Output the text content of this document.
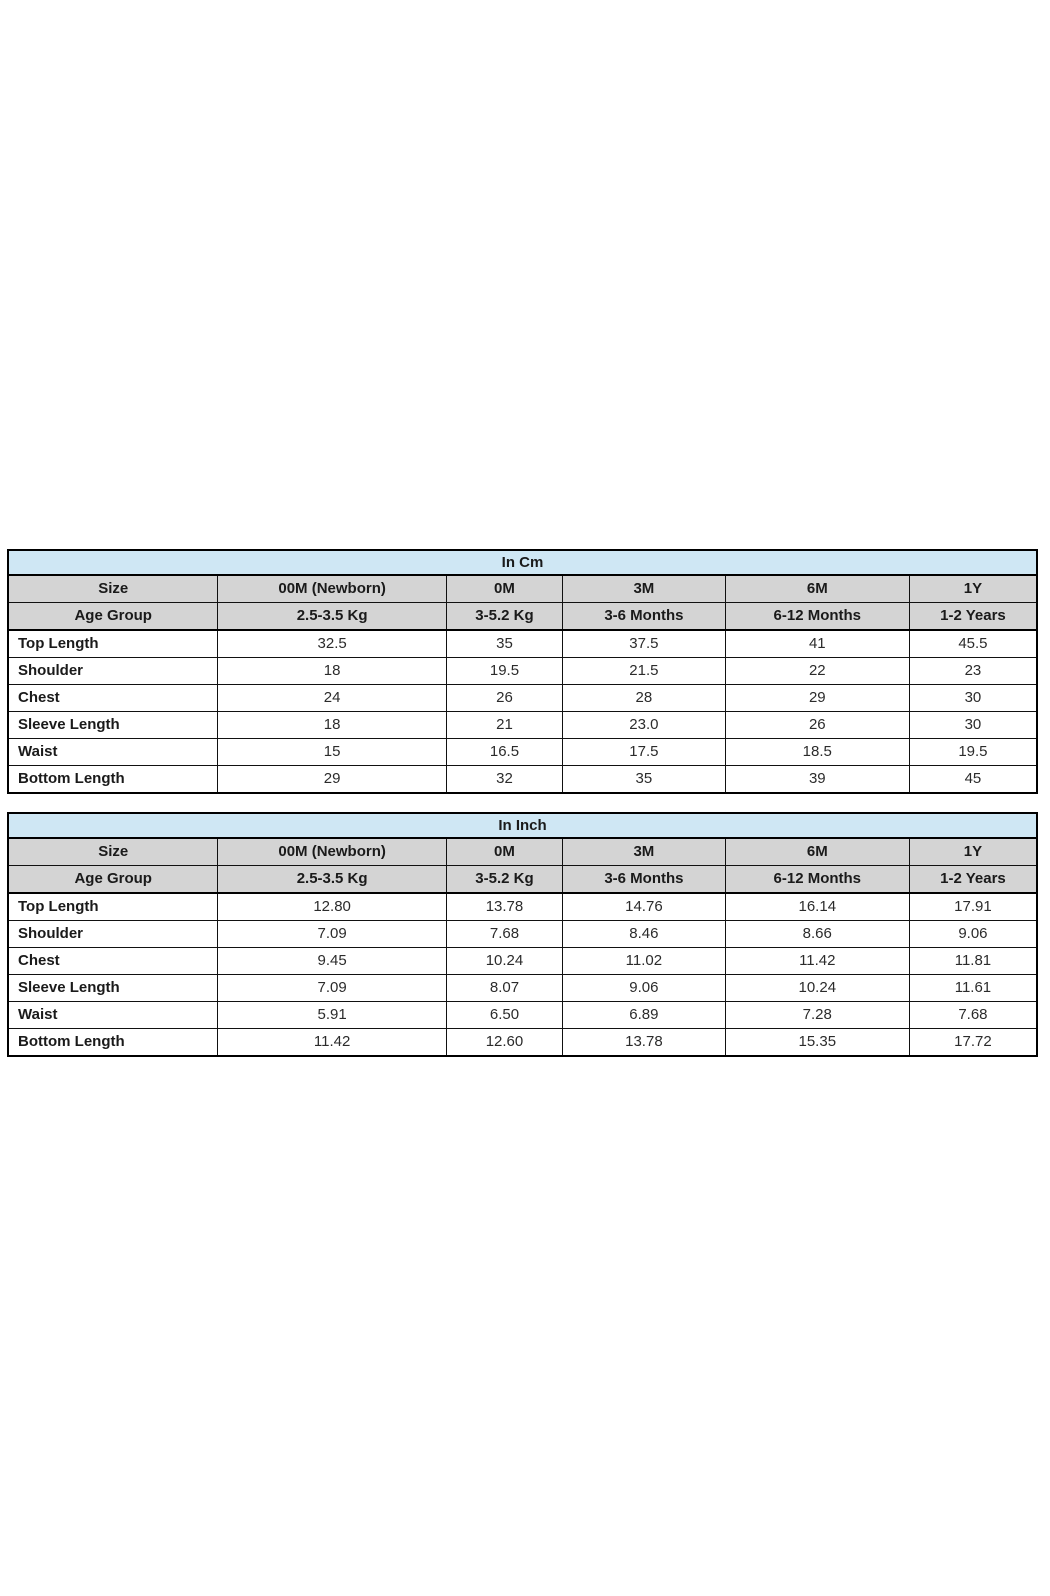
In Cm					
Size	00M (Newborn)	0M	3M	6M	1Y
Age Group	2.5-3.5 Kg	3-5.2 Kg	3-6 Months	6-12 Months	1-2 Years
Top Length	32.5	35	37.5	41	45.5
Shoulder	18	19.5	21.5	22	23
Chest	24	26	28	29	30
Sleeve Length	18	21	23.0	26	30
Waist	15	16.5	17.5	18.5	19.5
Bottom Length	29	32	35	39	45
In Inch					
Size	00M (Newborn)	0M	3M	6M	1Y
Age Group	2.5-3.5 Kg	3-5.2 Kg	3-6 Months	6-12 Months	1-2 Years
Top Length	12.80	13.78	14.76	16.14	17.91
Shoulder	7.09	7.68	8.46	8.66	9.06
Chest	9.45	10.24	11.02	11.42	11.81
Sleeve Length	7.09	8.07	9.06	10.24	11.61
Waist	5.91	6.50	6.89	7.28	7.68
Bottom Length	11.42	12.60	13.78	15.35	17.72
